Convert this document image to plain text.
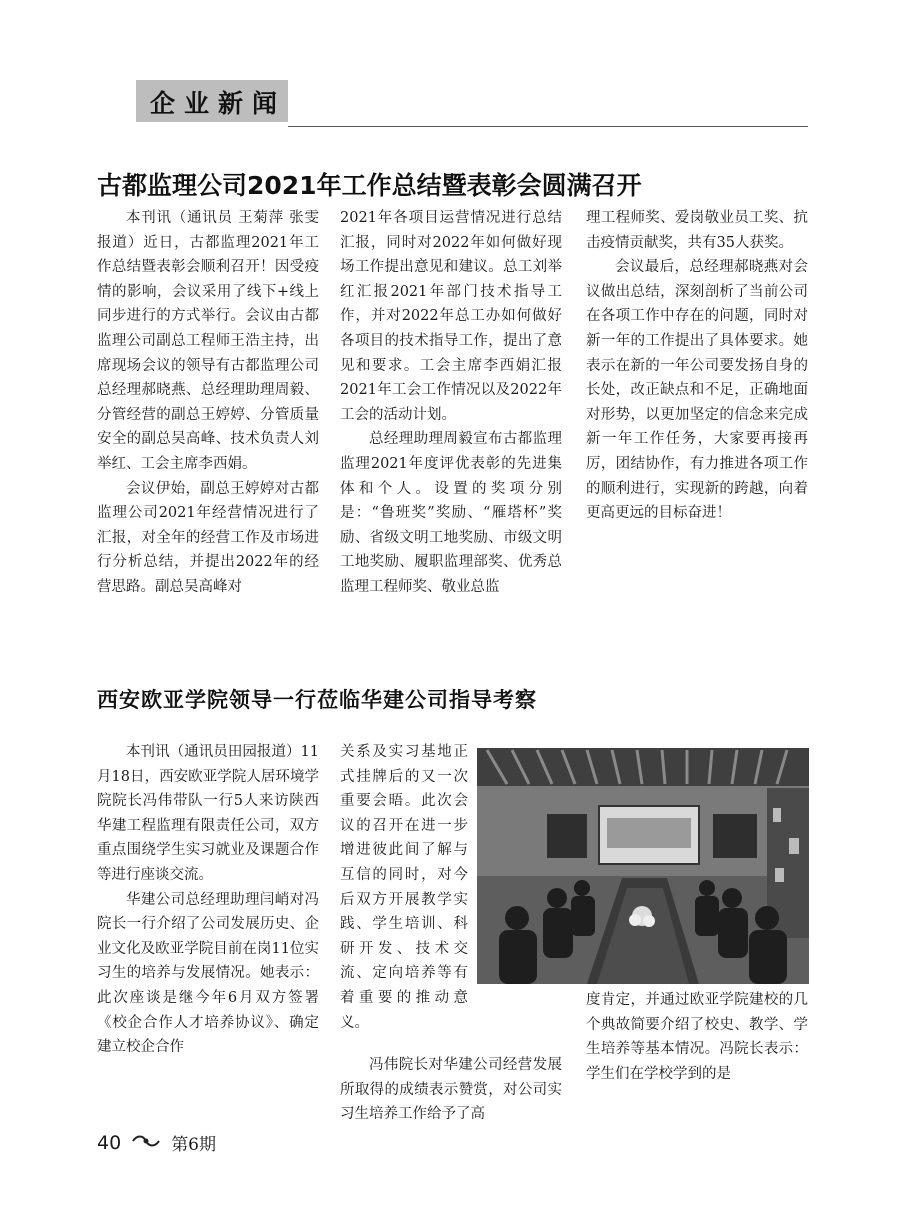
企业新闻
古都监理公司2021年工作总结暨表彰会圆满召开

本刊讯（通讯员 王菊萍 张雯报道）近日，古都监理2021年工作总结暨表彰会顺利召开！因受疫情的影响，会议采用了线下+线上同步进行的方式举行。会议由古都监理公司副总工程师王浩主持，出席现场会议的领导有古都监理公司总经理郝晓燕、总经理助理周毅、分管经营的副总王婷婷、分管质量安全的副总吴高峰、技术负责人刘举红、工会主席李西娟。

会议伊始，副总王婷婷对古都监理公司2021年经营情况进行了汇报，对全年的经营工作及市场进行分析总结，并提出2022年的经营思路。副总吴高峰对

2021年各项目运营情况进行总结汇报，同时对2022年如何做好现场工作提出意见和建议。总工刘举红汇报2021年部门技术指导工作，并对2022年总工办如何做好各项目的技术指导工作，提出了意见和要求。工会主席李西娟汇报2021年工会工作情况以及2022年工会的活动计划。

总经理助理周毅宣布古都监理监理2021年度评优表彰的先进集体和个人。设置的奖项分别是：“鲁班奖”奖励、“雁塔杯”奖励、省级文明工地奖励、市级文明工地奖励、履职监理部奖、优秀总监理工程师奖、敬业总监

理工程师奖、爱岗敬业员工奖、抗击疫情贡献奖，共有35人获奖。

会议最后，总经理郝晓燕对会议做出总结，深刻剖析了当前公司在各项工作中存在的问题，同时对新一年的工作提出了具体要求。她表示在新的一年公司要发扬自身的长处，改正缺点和不足，正确地面对形势，以更加坚定的信念来完成新一年工作任务，大家要再接再厉，团结协作，有力推进各项工作的顺利进行，实现新的跨越，向着更高更远的目标奋进！

西安欧亚学院领导一行莅临华建公司指导考察

本刊讯（通讯员田园报道）11月18日，西安欧亚学院人居环境学院院长冯伟带队一行5人来访陕西华建工程监理有限责任公司，双方重点围绕学生实习就业及课题合作等进行座谈交流。

华建公司总经理助理闫峭对冯院长一行介绍了公司发展历史、企业文化及欧亚学院目前在岗11位实习生的培养与发展情况。她表示：此次座谈是继今年6月双方签署《校企合作人才培养协议》、确定建立校企合作

关系及实习基地正式挂牌后的又一次重要会晤。此次会议的召开在进一步增进彼此间了解与互信的同时，对今后双方开展教学实践、学生培训、科研开发、技术交流、定向培养等有着重要的推动意义。

冯伟院长对华建公司经营发展所取得的成绩表示赞赏，对公司实习生培养工作给予了高

度肯定，并通过欧亚学院建校的几个典故简要介绍了校史、教学、学生培养等基本情况。冯院长表示：学生们在学校学到的是

40	第6期
